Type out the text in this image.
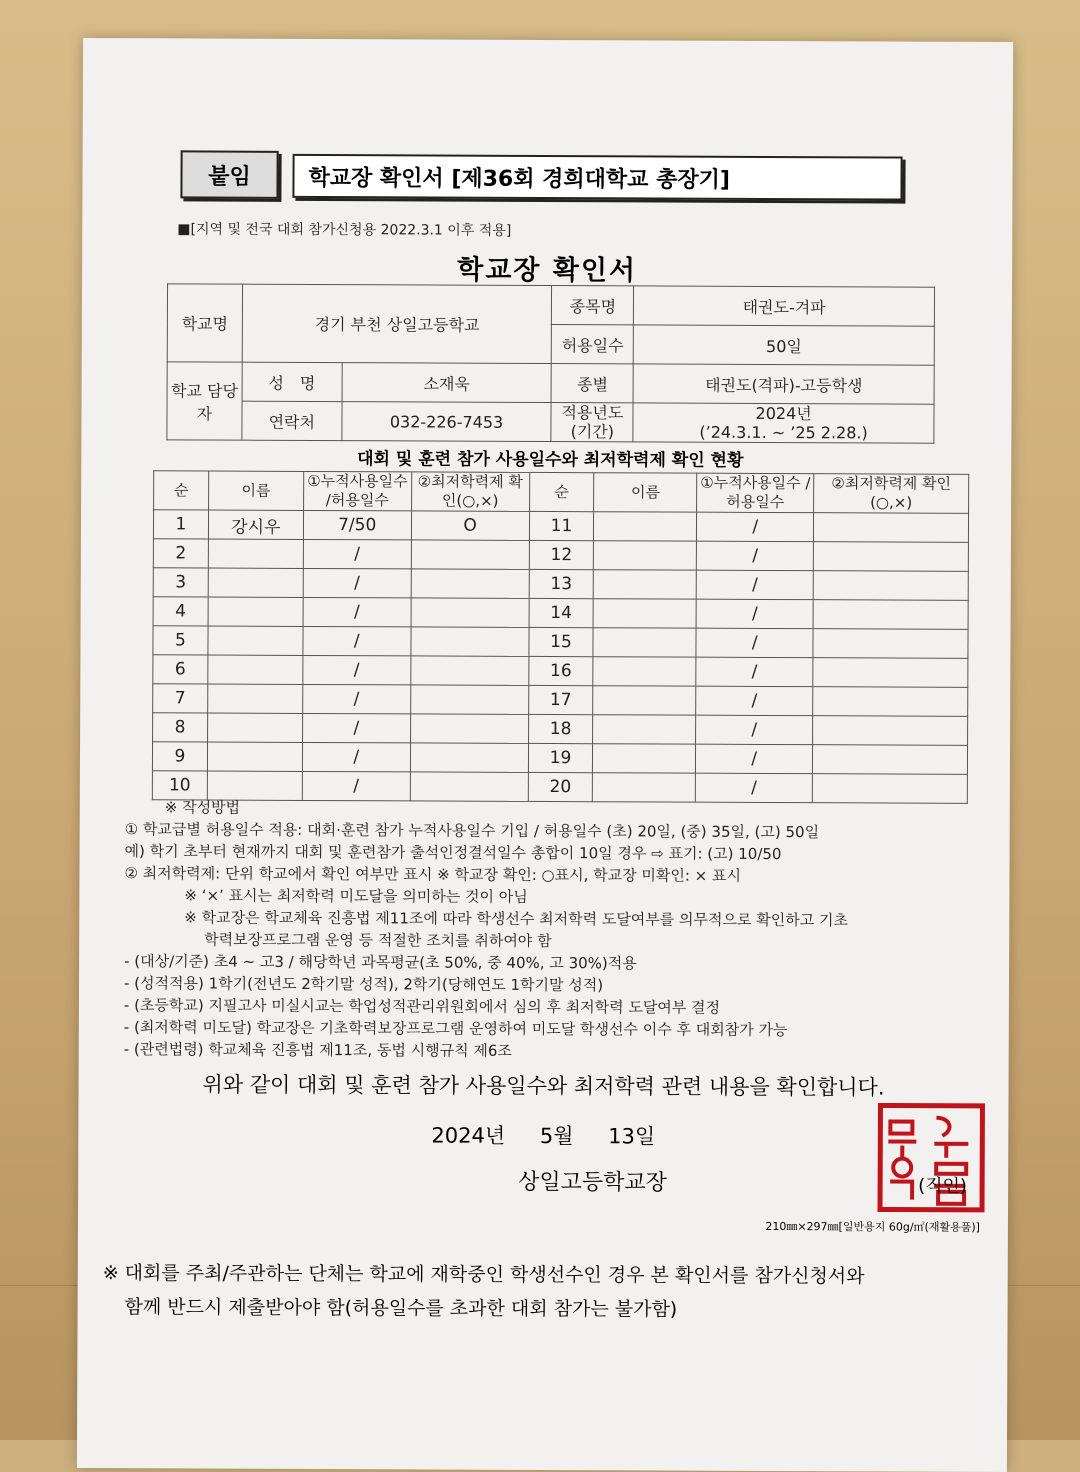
붙임	학교장 확인서 [제36회 경희대학교 총장기]
■[지역 및 전국 대회 참가신청용 2022.3.1 이후 적용]
학교장 확인서
학교명	경기 부천 상일고등학교		종목명	태권도-겨파
			허용일수	50일
학교 담당자	성　명	소재욱	종별	태권도(격파)-고등학생
	연락처	032-226-7453	적용년도 (기간)	2024년
(’24.3.1. ~ ’25 2.28.)
대회 및 훈련 참가 사용일수와 최저학력제 확인 현황
순	이름	①누적사용일수 /허용일수	②최저학력제 확인(○,×)	순	이름	①누적사용일수 /허용일수	②최저학력제 확인(○,×)
1	강시우	7/50	O	11		/	
2		/		12		/	
3		/		13		/	
4		/		14		/	
5		/		15		/	
6		/		16		/	
7		/		17		/	
8		/		18		/	
9		/		19		/	
10		/		20		/	
※ 작성방법
① 학교급별 허용일수 적용: 대회·훈련 참가 누적사용일수 기입 / 허용일수 (초) 20일, (중) 35일, (고) 50일
예) 학기 초부터 현재까지 대회 및 훈련참가 출석인정결석일수 총합이 10일 경우 ⇨ 표기: (고) 10/50
② 최저학력제: 단위 학교에서 확인 여부만 표시 ※ 학교장 확인: ○표시, 학교장 미확인: × 표시
※ ‘×’ 표시는 최저학력 미도달을 의미하는 것이 아님
※ 학교장은 학교체육 진흥법 제11조에 따라 학생선수 최저학력 도달여부를 의무적으로 확인하고 기초
학력보장프로그램 운영 등 적절한 조치를 취하여야 함
- (대상/기준) 초4 ~ 고3 / 해당학년 과목평균(초 50%, 중 40%, 고 30%)적용
- (성적적용) 1학기(전년도 2학기말 성적), 2학기(당해연도 1학기말 성적)
- (초등학교) 지필고사 미실시교는 학업성적관리위원회에서 심의 후 최저학력 도달여부 결정
- (최저학력 미도달) 학교장은 기초학력보장프로그램 운영하여 미도달 학생선수 이수 후 대회참가 가능
- (관련법령) 학교체육 진흥법 제11조, 동법 시행규칙 제6조
위와 같이 대회 및 훈련 참가 사용일수와 최저학력 관련 내용을 확인합니다.
2024년 5월 13일
상일고등학교장	(직인)
210㎜×297㎜[일반용지 60g/㎡(재활용품)]
※ 대회를 주최/주관하는 단체는 학교에 재학중인 학생선수인 경우 본 확인서를 참가신청서와
함께 반드시 제출받아야 함(허용일수를 초과한 대회 참가는 불가함)
